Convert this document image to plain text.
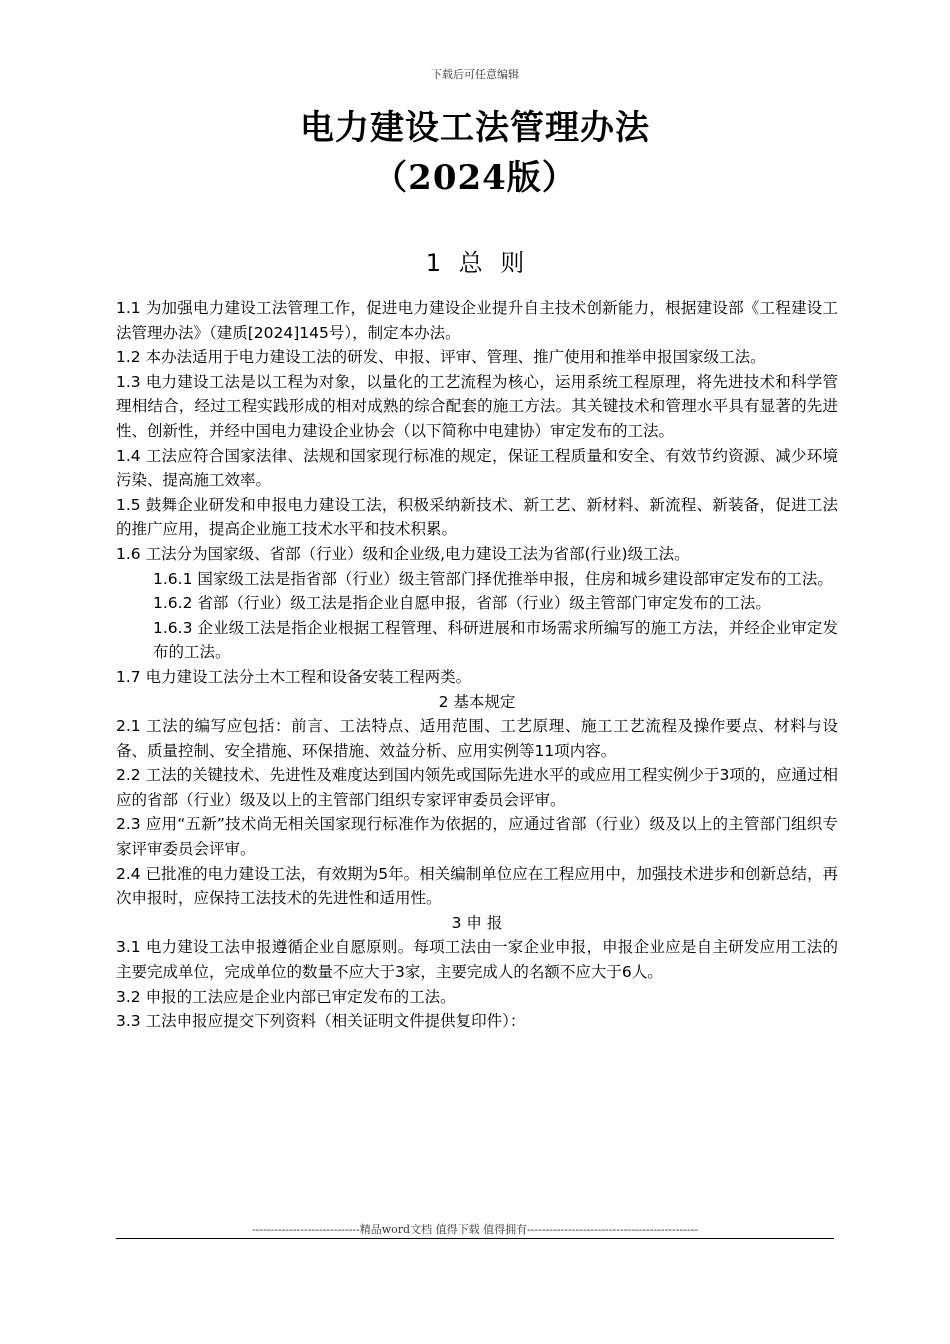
下载后可任意编辑
电力建设工法管理办法
（2024版）
1 总 则

1.1 为加强电力建设工法管理工作，促进电力建设企业提升自主技术创新能力，根据建设部《工程建设工法管理办法》（建质[2024]145号），制定本办法。

1.2 本办法适用于电力建设工法的研发、申报、评审、管理、推广使用和推举申报国家级工法。

1.3 电力建设工法是以工程为对象，以量化的工艺流程为核心，运用系统工程原理，将先进技术和科学管理相结合，经过工程实践形成的相对成熟的综合配套的施工方法。其关键技术和管理水平具有显著的先进性、创新性，并经中国电力建设企业协会（以下简称中电建协）审定发布的工法。

1.4 工法应符合国家法律、法规和国家现行标准的规定，保证工程质量和安全、有效节约资源、减少环境污染、提高施工效率。

1.5 鼓舞企业研发和申报电力建设工法，积极采纳新技术、新工艺、新材料、新流程、新装备，促进工法的推广应用，提高企业施工技术水平和技术积累。

1.6 工法分为国家级、省部（行业）级和企业级,电力建设工法为省部(行业)级工法。

1.6.1 国家级工法是指省部（行业）级主管部门择优推举申报，住房和城乡建设部审定发布的工法。

1.6.2 省部（行业）级工法是指企业自愿申报，省部（行业）级主管部门审定发布的工法。

1.6.3 企业级工法是指企业根据工程管理、科研进展和市场需求所编写的施工方法，并经企业审定发布的工法。

1.7 电力建设工法分土木工程和设备安装工程两类。

2 基本规定

2.1 工法的编写应包括：前言、工法特点、适用范围、工艺原理、施工工艺流程及操作要点、材料与设备、质量控制、安全措施、环保措施、效益分析、应用实例等11项内容。

2.2 工法的关键技术、先进性及难度达到国内领先或国际先进水平的或应用工程实例少于3项的，应通过相应的省部（行业）级及以上的主管部门组织专家评审委员会评审。

2.3 应用“五新”技术尚无相关国家现行标准作为依据的，应通过省部（行业）级及以上的主管部门组织专家评审委员会评审。

2.4 已批准的电力建设工法，有效期为5年。相关编制单位应在工程应用中，加强技术进步和创新总结，再次申报时，应保持工法技术的先进性和适用性。

3 申 报

3.1 电力建设工法申报遵循企业自愿原则。每项工法由一家企业申报，申报企业应是自主研发应用工法的主要完成单位，完成单位的数量不应大于3家，主要完成人的名额不应大于6人。

3.2 申报的工法应是企业内部已审定发布的工法。

3.3 工法申报应提交下列资料（相关证明文件提供复印件）：

-----------------------------精品word文档 值得下载 值得拥有----------------------------------------------
